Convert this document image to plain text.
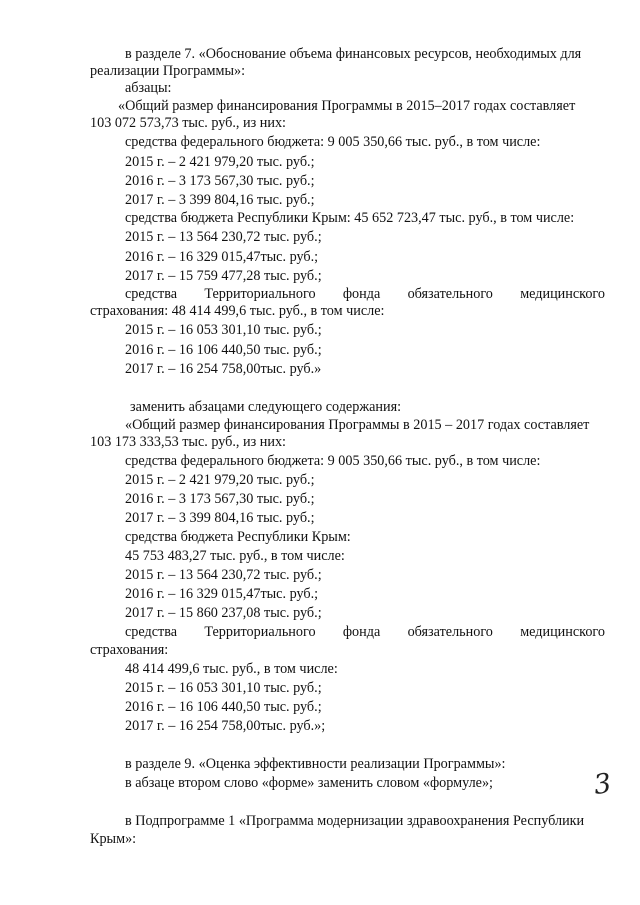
в разделе 7. «Обоснование объема финансовых ресурсов, необходимых для
реализации Программы»:
абзацы:
«Общий размер финансирования Программы в 2015–2017 годах составляет
103 072 573,73 тыс. руб., из них:
средства федерального бюджета: 9 005 350,66 тыс. руб., в том числе:
2015 г. – 2 421 979,20 тыс. руб.;
2016 г. – 3 173 567,30 тыс. руб.;
2017 г. – 3 399 804,16 тыс. руб.;
средства бюджета Республики Крым: 45 652 723,47 тыс. руб., в том числе:
2015 г. – 13 564 230,72 тыс. руб.;
2016 г. – 16 329 015,47тыс. руб.;
2017 г. – 15 759 477,28 тыс. руб.;
средства Территориального фонда обязательного медицинского
страхования: 48 414 499,6 тыс. руб., в том числе:
2015 г. – 16 053 301,10 тыс. руб.;
2016 г. – 16 106 440,50 тыс. руб.;
2017 г. – 16 254 758,00тыс. руб.»
заменить абзацами следующего содержания:
«Общий размер финансирования Программы в 2015 – 2017 годах составляет
103 173 333,53 тыс. руб., из них:
средства федерального бюджета: 9 005 350,66 тыс. руб., в том числе:
2015 г. – 2 421 979,20 тыс. руб.;
2016 г. – 3 173 567,30 тыс. руб.;
2017 г. – 3 399 804,16 тыс. руб.;
средства бюджета Республики Крым:
45 753 483,27 тыс. руб., в том числе:
2015 г. – 13 564 230,72 тыс. руб.;
2016 г. – 16 329 015,47тыс. руб.;
2017 г. – 15 860 237,08 тыс. руб.;
средства Территориального фонда обязательного медицинского
страхования:
48 414 499,6 тыс. руб., в том числе:
2015 г. – 16 053 301,10 тыс. руб.;
2016 г. – 16 106 440,50 тыс. руб.;
2017 г. – 16 254 758,00тыс. руб.»;
в разделе 9. «Оценка эффективности реализации Программы»:
в абзаце втором слово «форме» заменить словом «формуле»;
в Подпрограмме 1 «Программа модернизации здравоохранения Республики
Крым»:
3
